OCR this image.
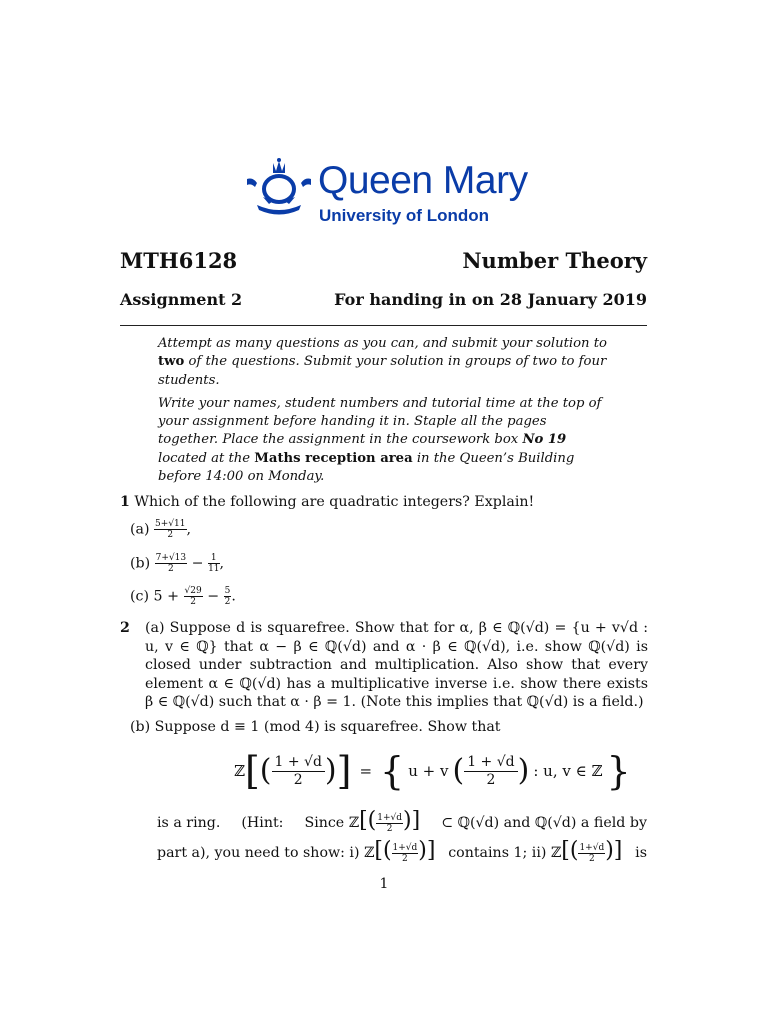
Queen Mary
University of London
MTH6128	Number Theory
Assignment 2	For handing in on 28 January 2019

Attempt as many questions as you can, and submit your solution to two of the questions. Submit your solution in groups of two to four students.

Write your names, student numbers and tutorial time at the top of your assignment before handing it in. Staple all the pages together. Place the assignment in the coursework box No 19 located at the Maths reception area in the Queen’s Building before 14:00 on Monday.

1 Which of the following are quadratic integers? Explain!
$(a) \frac{5+√11}{2}$ ,
$(b) \frac{7+√13}{2} - \frac{1}{11}$ ,
(c) $5 + \frac{√29}{2} - \frac{5}{2}$ .
2 (a) Suppose d is squarefree. Show that for α, β ∈ ℚ(√d) = {u + v√d : u, v ∈ ℚ} that α − β ∈ ℚ(√d) and α · β ∈ ℚ(√d), i.e. show ℚ(√d) is closed under subtraction and multiplication. Also show that every element α ∈ ℚ(√d) has a multiplicative inverse i.e. show there exists β ∈ ℚ(√d) such that α · β = 1. (Note this implies that ℚ(√d) is a field.)
(b) Suppose d ≡ 1 (mod 4) is squarefree. Show that
ℤ [ ( $\frac{1 + √d}{2}$ ) ] = { u + v ( $\frac{1 + √d}{2}$ ) : u, v ∈ ℤ }
is a ring. (Hint: Since ℤ[( $\frac{1+√d}{2}$ )] ⊂ ℚ(√d) and ℚ(√d) a field by
part a), you need to show: i) ℤ[( $\frac{1+√d}{2}$ )] contains 1; ii) ℤ[( $\frac{1+√d}{2}$ )] is
1
